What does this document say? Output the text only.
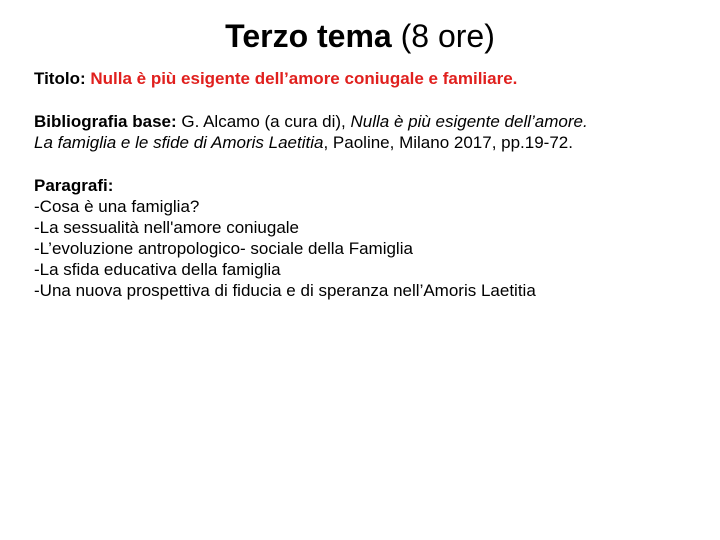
Terzo tema (8 ore)
Titolo: Nulla è più esigente dell’amore coniugale e familiare.
Bibliografia base: G. Alcamo (a cura di), Nulla è più esigente dell’amore.
La famiglia e le sfide di Amoris Laetitia, Paoline, Milano 2017, pp.19-72.
Paragrafi:
-Cosa è una famiglia?
-La sessualità nell'amore coniugale
-L’evoluzione antropologico- sociale della Famiglia
-La sfida educativa della famiglia
-Una nuova prospettiva di fiducia e di speranza nell’Amoris Laetitia
